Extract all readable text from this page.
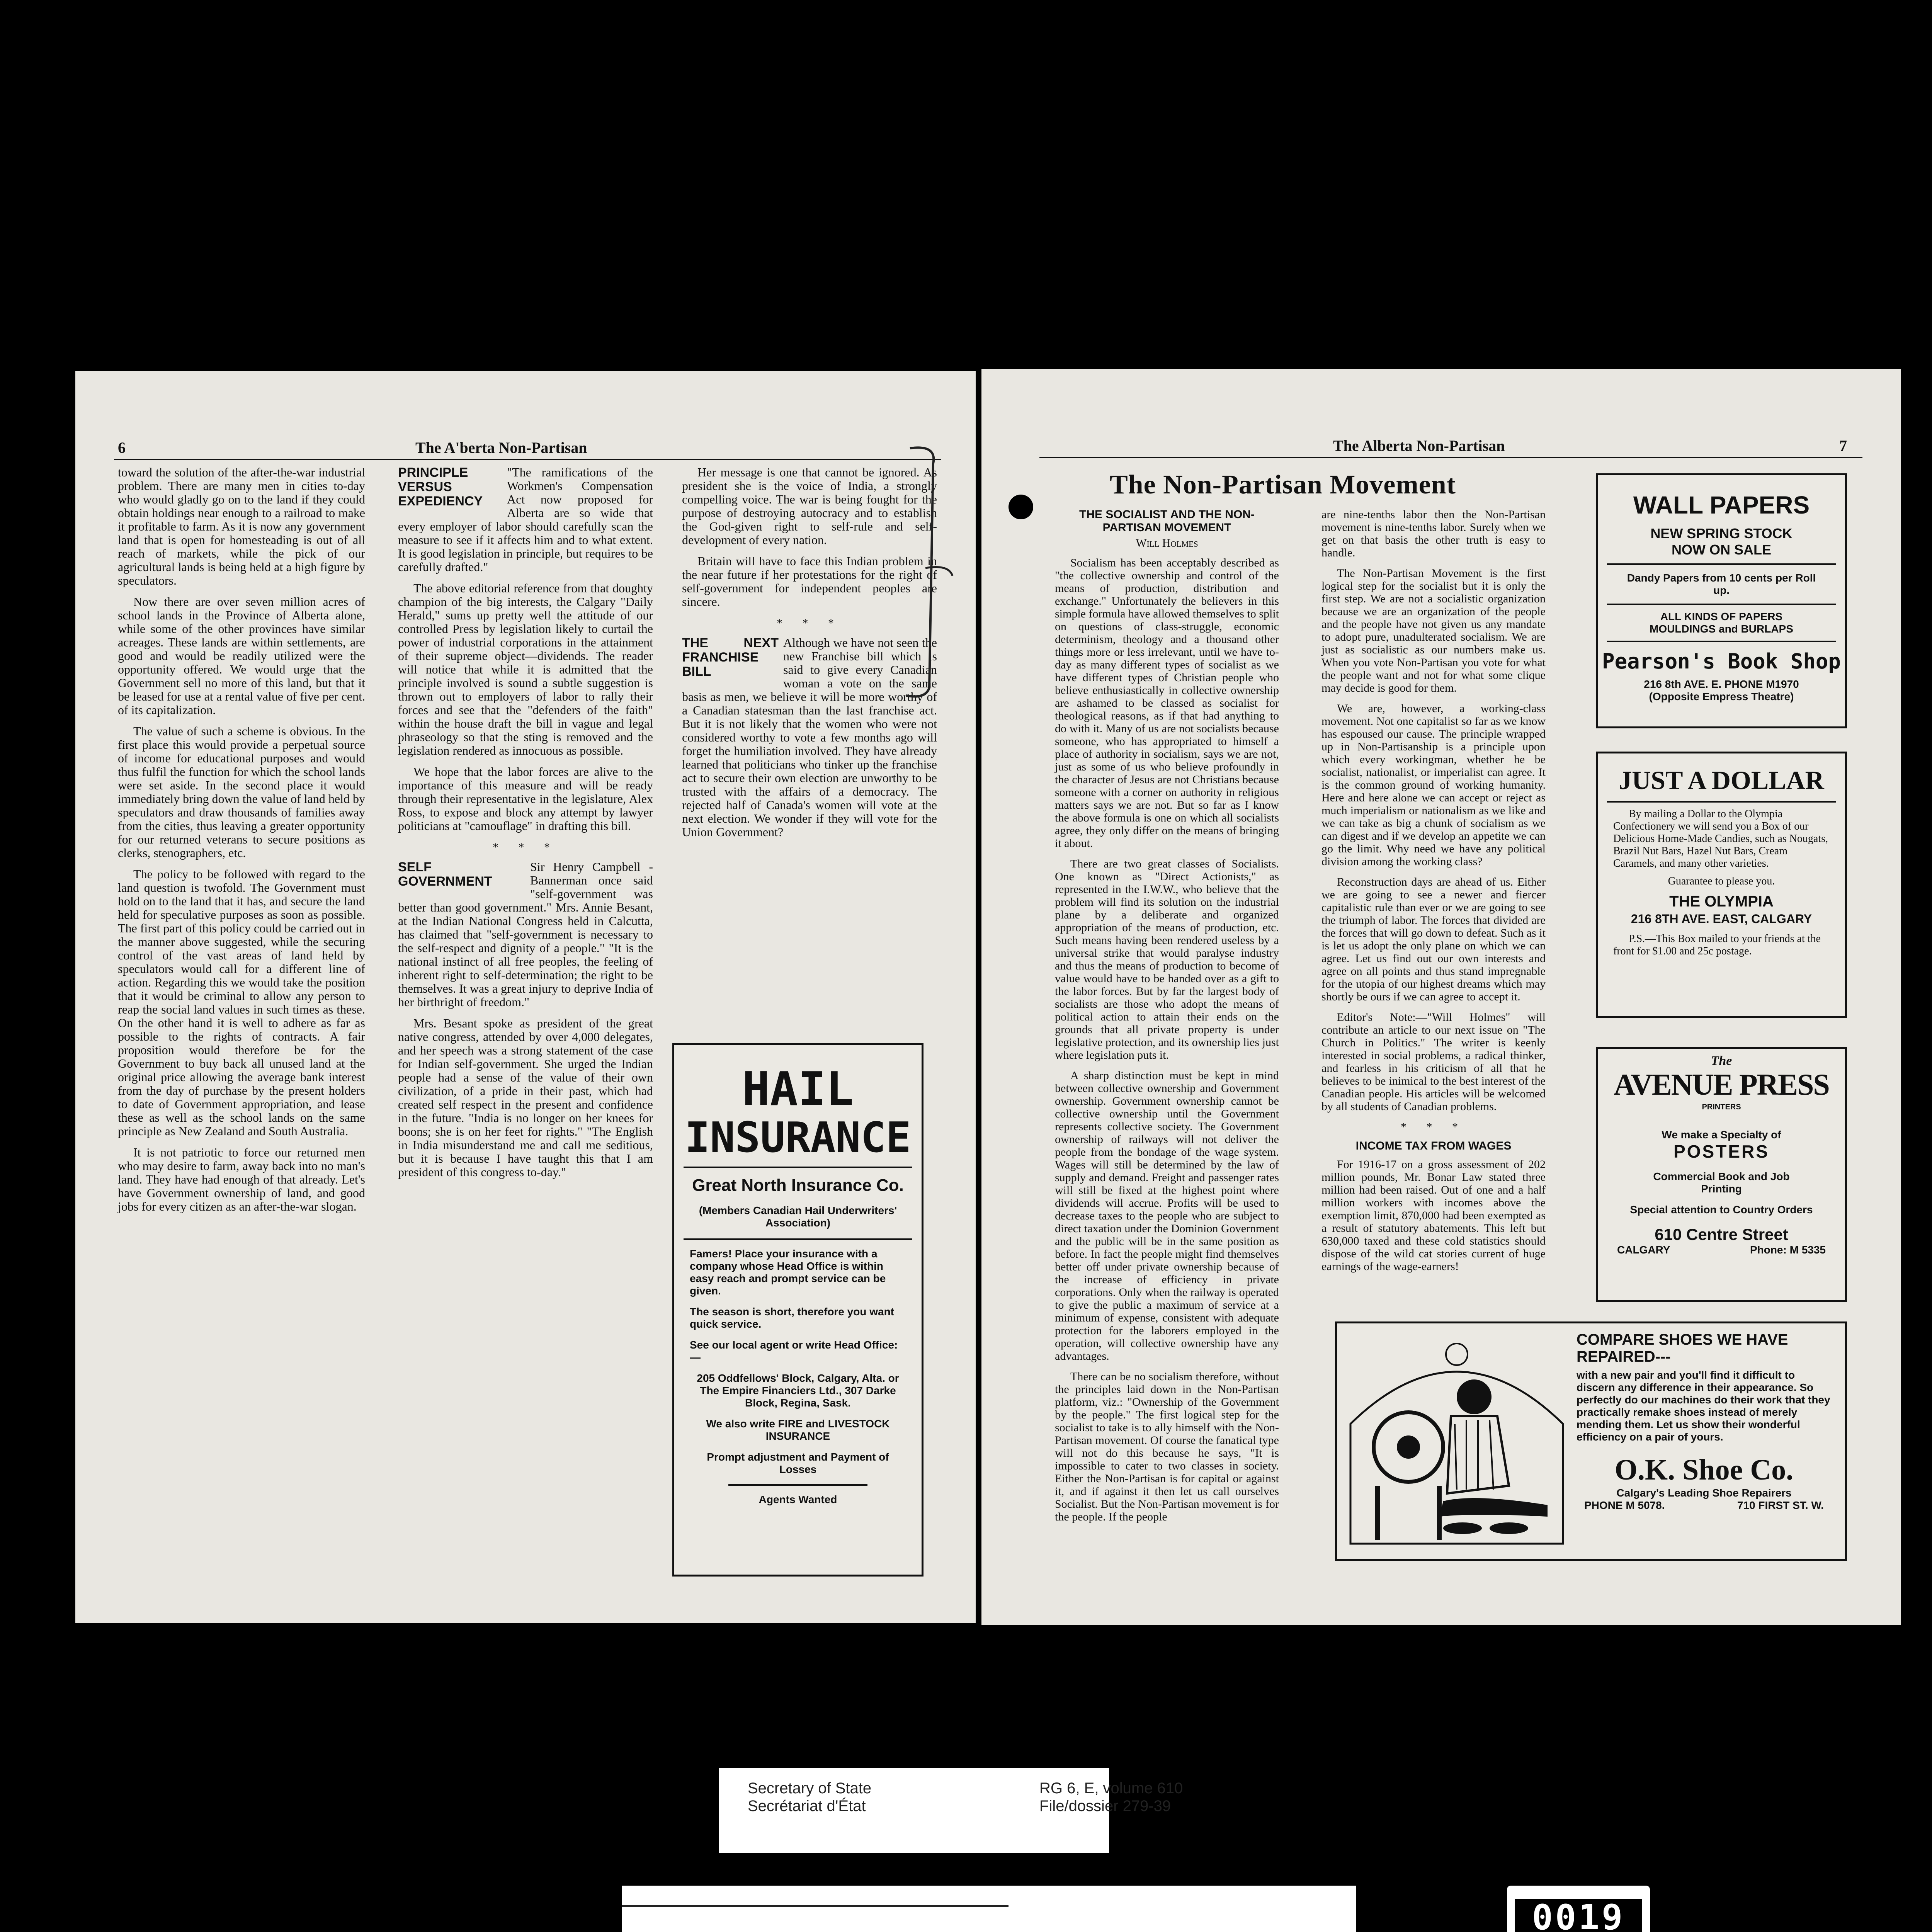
6	The A'berta Non-Partisan

toward the solution of the after-the-war industrial problem. There are many men in cities to-day who would gladly go on to the land if they could obtain holdings near enough to a railroad to make it profitable to farm. As it is now any government land that is open for homesteading is out of all reach of markets, while the pick of our agricultural lands is being held at a high figure by speculators.

Now there are over seven million acres of school lands in the Province of Alberta alone, while some of the other provinces have similar acreages. These lands are within settlements, are good and would be readily utilized were the opportunity offered. We would urge that the Government sell no more of this land, but that it be leased for use at a rental value of five per cent. of its capitalization.

The value of such a scheme is obvious. In the first place this would provide a perpetual source of income for educational purposes and would thus fulfil the function for which the school lands were set aside. In the second place it would immediately bring down the value of land held by speculators and draw thousands of families away from the cities, thus leaving a greater opportunity for our returned veterans to secure positions as clerks, stenographers, etc.

The policy to be followed with regard to the land question is twofold. The Government must hold on to the land that it has, and secure the land held for speculative purposes as soon as possible. The first part of this policy could be carried out in the manner above suggested, while the securing control of the vast areas of land held by speculators would call for a different line of action. Regarding this we would take the position that it would be criminal to allow any person to reap the social land values in such times as these. On the other hand it is well to adhere as far as possible to the rights of contracts. A fair proposition would therefore be for the Government to buy back all unused land at the original price allowing the average bank interest from the day of purchase by the present holders to date of Government appropriation, and lease these as well as the school lands on the same principle as New Zealand and South Australia.

It is not patriotic to force our returned men who may desire to farm, away back into no man's land. They have had enough of that already. Let's have Government ownership of land, and good jobs for every citizen as an after-the-war slogan.

PRINCIPLE VERSUS EXPEDIENCY

"The ramifications of the Workmen's Compensation Act now proposed for Alberta are so wide that every employer of labor should carefully scan the measure to see if it affects him and to what extent. It is good legislation in principle, but requires to be carefully drafted."

The above editorial reference from that doughty champion of the big interests, the Calgary "Daily Herald," sums up pretty well the attitude of our controlled Press by legislation likely to curtail the power of industrial corporations in the attainment of their supreme object—dividends. The reader will notice that while it is admitted that the principle involved is sound a subtle suggestion is thrown out to employers of labor to rally their forces and see that the "defenders of the faith" within the house draft the bill in vague and legal phraseology so that the sting is removed and the legislation rendered as innocuous as possible.

We hope that the labor forces are alive to the importance of this measure and will be ready through their representative in the legislature, Alex Ross, to expose and block any attempt by lawyer politicians at "camouflage" in drafting this bill.

* * *
SELF GOVERNMENT

Sir Henry Campbell - Bannerman once said "self-government was better than good government." Mrs. Annie Besant, at the Indian National Congress held in Calcutta, has claimed that "self-government is necessary to the self-respect and dignity of a people." "It is the national instinct of all free peoples, the feeling of inherent right to self-determination; the right to be themselves. It was a great injury to deprive India of her birthright of freedom."

Mrs. Besant spoke as president of the great native congress, attended by over 4,000 delegates, and her speech was a strong statement of the case for Indian self-government. She urged the Indian people had a sense of the value of their own civilization, of a pride in their past, which had created self respect in the present and confidence in the future. "India is no longer on her knees for boons; she is on her feet for rights." "The English in India misunderstand me and call me seditious, but it is because I have taught this that I am president of this congress to-day."

Her message is one that cannot be ignored. As president she is the voice of India, a strongly compelling voice. The war is being fought for the purpose of destroying autocracy and to establish the God-given right to self-rule and self-development of every nation.

Britain will have to face this Indian problem in the near future if her protestations for the right of self-government for independent peoples are sincere.

* * *
THE NEXT FRANCHISE BILL

Although we have not seen the new Franchise bill which is said to give every Canadian woman a vote on the same basis as men, we believe it will be more worthy of a Canadian statesman than the last franchise act. But it is not likely that the women who were not considered worthy to vote a few months ago will forget the humiliation involved. They have already learned that politicians who tinker up the franchise act to secure their own election are unworthy to be trusted with the affairs of a democracy. The rejected half of Canada's women will vote at the next election. We wonder if they will vote for the Union Government?

HAIL
INSURANCE
Great North Insurance Co.
(Members Canadian Hail Underwriters' Association)
Famers! Place your insurance with a company whose Head Office is within easy reach and prompt service can be given.
The season is short, therefore you want quick service.
See our local agent or write Head Office:—
205 Oddfellows' Block, Calgary, Alta. or The Empire Financiers Ltd., 307 Darke Block, Regina, Sask.
We also write FIRE and LIVESTOCK INSURANCE
Prompt adjustment and Payment of Losses
Agents Wanted
The Alberta Non-Partisan	7
The Non-Partisan Movement
THE SOCIALIST AND THE NON-PARTISAN MOVEMENT
Will Holmes

Socialism has been acceptably described as "the collective ownership and control of the means of production, distribution and exchange." Unfortunately the believers in this simple formula have allowed themselves to split on questions of class-struggle, economic determinism, theology and a thousand other things more or less irrelevant, until we have to-day as many different types of socialist as we have different types of Christian people who believe enthusiastically in collective ownership are ashamed to be classed as socialist for theological reasons, as if that had anything to do with it. Many of us are not socialists because someone, who has appropriated to himself a place of authority in socialism, says we are not, just as some of us who believe profoundly in the character of Jesus are not Christians because someone with a corner on authority in religious matters says we are not. But so far as I know the above formula is one on which all socialists agree, they only differ on the means of bringing it about.

There are two great classes of Socialists. One known as "Direct Actionists," as represented in the I.W.W., who believe that the problem will find its solution on the industrial plane by a deliberate and organized appropriation of the means of production, etc. Such means having been rendered useless by a universal strike that would paralyse industry and thus the means of production to become of value would have to be handed over as a gift to the labor forces. But by far the largest body of socialists are those who adopt the means of political action to attain their ends on the grounds that all private property is under legislative protection, and its ownership lies just where legislation puts it.

A sharp distinction must be kept in mind between collective ownership and Government ownership. Government ownership cannot be collective ownership until the Government represents collective society. The Government ownership of railways will not deliver the people from the bondage of the wage system. Wages will still be determined by the law of supply and demand. Freight and passenger rates will still be fixed at the highest point where dividends will accrue. Profits will be used to decrease taxes to the people who are subject to direct taxation under the Dominion Government and the public will be in the same position as before. In fact the people might find themselves better off under private ownership because of the increase of efficiency in private corporations. Only when the railway is operated to give the public a maximum of service at a minimum of expense, consistent with adequate protection for the laborers employed in the operation, will collective ownership have any advantages.

There can be no socialism therefore, without the principles laid down in the Non-Partisan platform, viz.: "Ownership of the Government by the people." The first logical step for the socialist to take is to ally himself with the Non-Partisan movement. Of course the fanatical type will not do this because he says, "It is impossible to cater to two classes in society. Either the Non-Partisan is for capital or against it, and if against it then let us call ourselves Socialist. But the Non-Partisan movement is for the people. If the people

are nine-tenths labor then the Non-Partisan movement is nine-tenths labor. Surely when we get on that basis the other truth is easy to handle.

The Non-Partisan Movement is the first logical step for the socialist but it is only the first step. We are not a socialistic organization because we are an organization of the people and the people have not given us any mandate to adopt pure, unadulterated socialism. We are just as socialistic as our numbers make us. When you vote Non-Partisan you vote for what the people want and not for what some clique may decide is good for them.

We are, however, a working-class movement. Not one capitalist so far as we know has espoused our cause. The principle wrapped up in Non-Partisanship is a principle upon which every workingman, whether he be socialist, nationalist, or imperialist can agree. It is the common ground of working humanity. Here and here alone we can accept or reject as much imperialism or nationalism as we like and we can take as big a chunk of socialism as we can digest and if we develop an appetite we can go the limit. Why need we have any political division among the working class?

Reconstruction days are ahead of us. Either we are going to see a newer and fiercer capitalistic rule than ever or we are going to see the triumph of labor. The forces that divided are the forces that will go down to defeat. Such as it is let us adopt the only plane on which we can agree. Let us find out our own interests and agree on all points and thus stand impregnable for the utopia of our highest dreams which may shortly be ours if we can agree to accept it.

Editor's Note:—"Will Holmes" will contribute an article to our next issue on "The Church in Politics." The writer is keenly interested in social problems, a radical thinker, and fearless in his criticism of all that he believes to be inimical to the best interest of the Canadian people. His articles will be welcomed by all students of Canadian problems.

* * *
INCOME TAX FROM WAGES

For 1916-17 on a gross assessment of 202 million pounds, Mr. Bonar Law stated three million had been raised. Out of one and a half million workers with incomes above the exemption limit, 870,000 had been exempted as a result of statutory abatements. This left but 630,000 taxed and these cold statistics should dispose of the wild cat stories current of huge earnings of the wage-earners!

WALL PAPERS
NEW SPRING STOCK
NOW ON SALE
Dandy Papers from 10 cents per Roll up.
ALL KINDS OF PAPERS MOULDINGS and BURLAPS
Pearson's Book Shop
216 8th AVE. E. PHONE M1970
(Opposite Empress Theatre)
JUST A DOLLAR
By mailing a Dollar to the Olympia Confectionery we will send you a Box of our Delicious Home-Made Candies, such as Nougats, Brazil Nut Bars, Hazel Nut Bars, Cream Caramels, and many other varieties.
Guarantee to please you.
THE OLYMPIA
216 8TH AVE. EAST, CALGARY
P.S.—This Box mailed to your friends at the front for $1.00 and 25c postage.
The
AVENUE PRESS
PRINTERS
We make a Specialty of
POSTERS
Commercial Book and Job Printing
Special attention to Country Orders
610 Centre Street
CALGARY	Phone: M 5335
COMPARE SHOES WE HAVE REPAIRED---
with a new pair and you'll find it difficult to discern any difference in their appearance. So perfectly do our machines do their work that they practically remake shoes instead of merely mending them. Let us show their wonderful efficiency on a pair of yours.
O.K. Shoe Co.
Calgary's Leading Shoe Repairers
PHONE M 5078.	710 FIRST ST. W.
Secretary of State
Secrétariat d'État
RG 6, E, volume 610
File/dossier 279-39
0019
